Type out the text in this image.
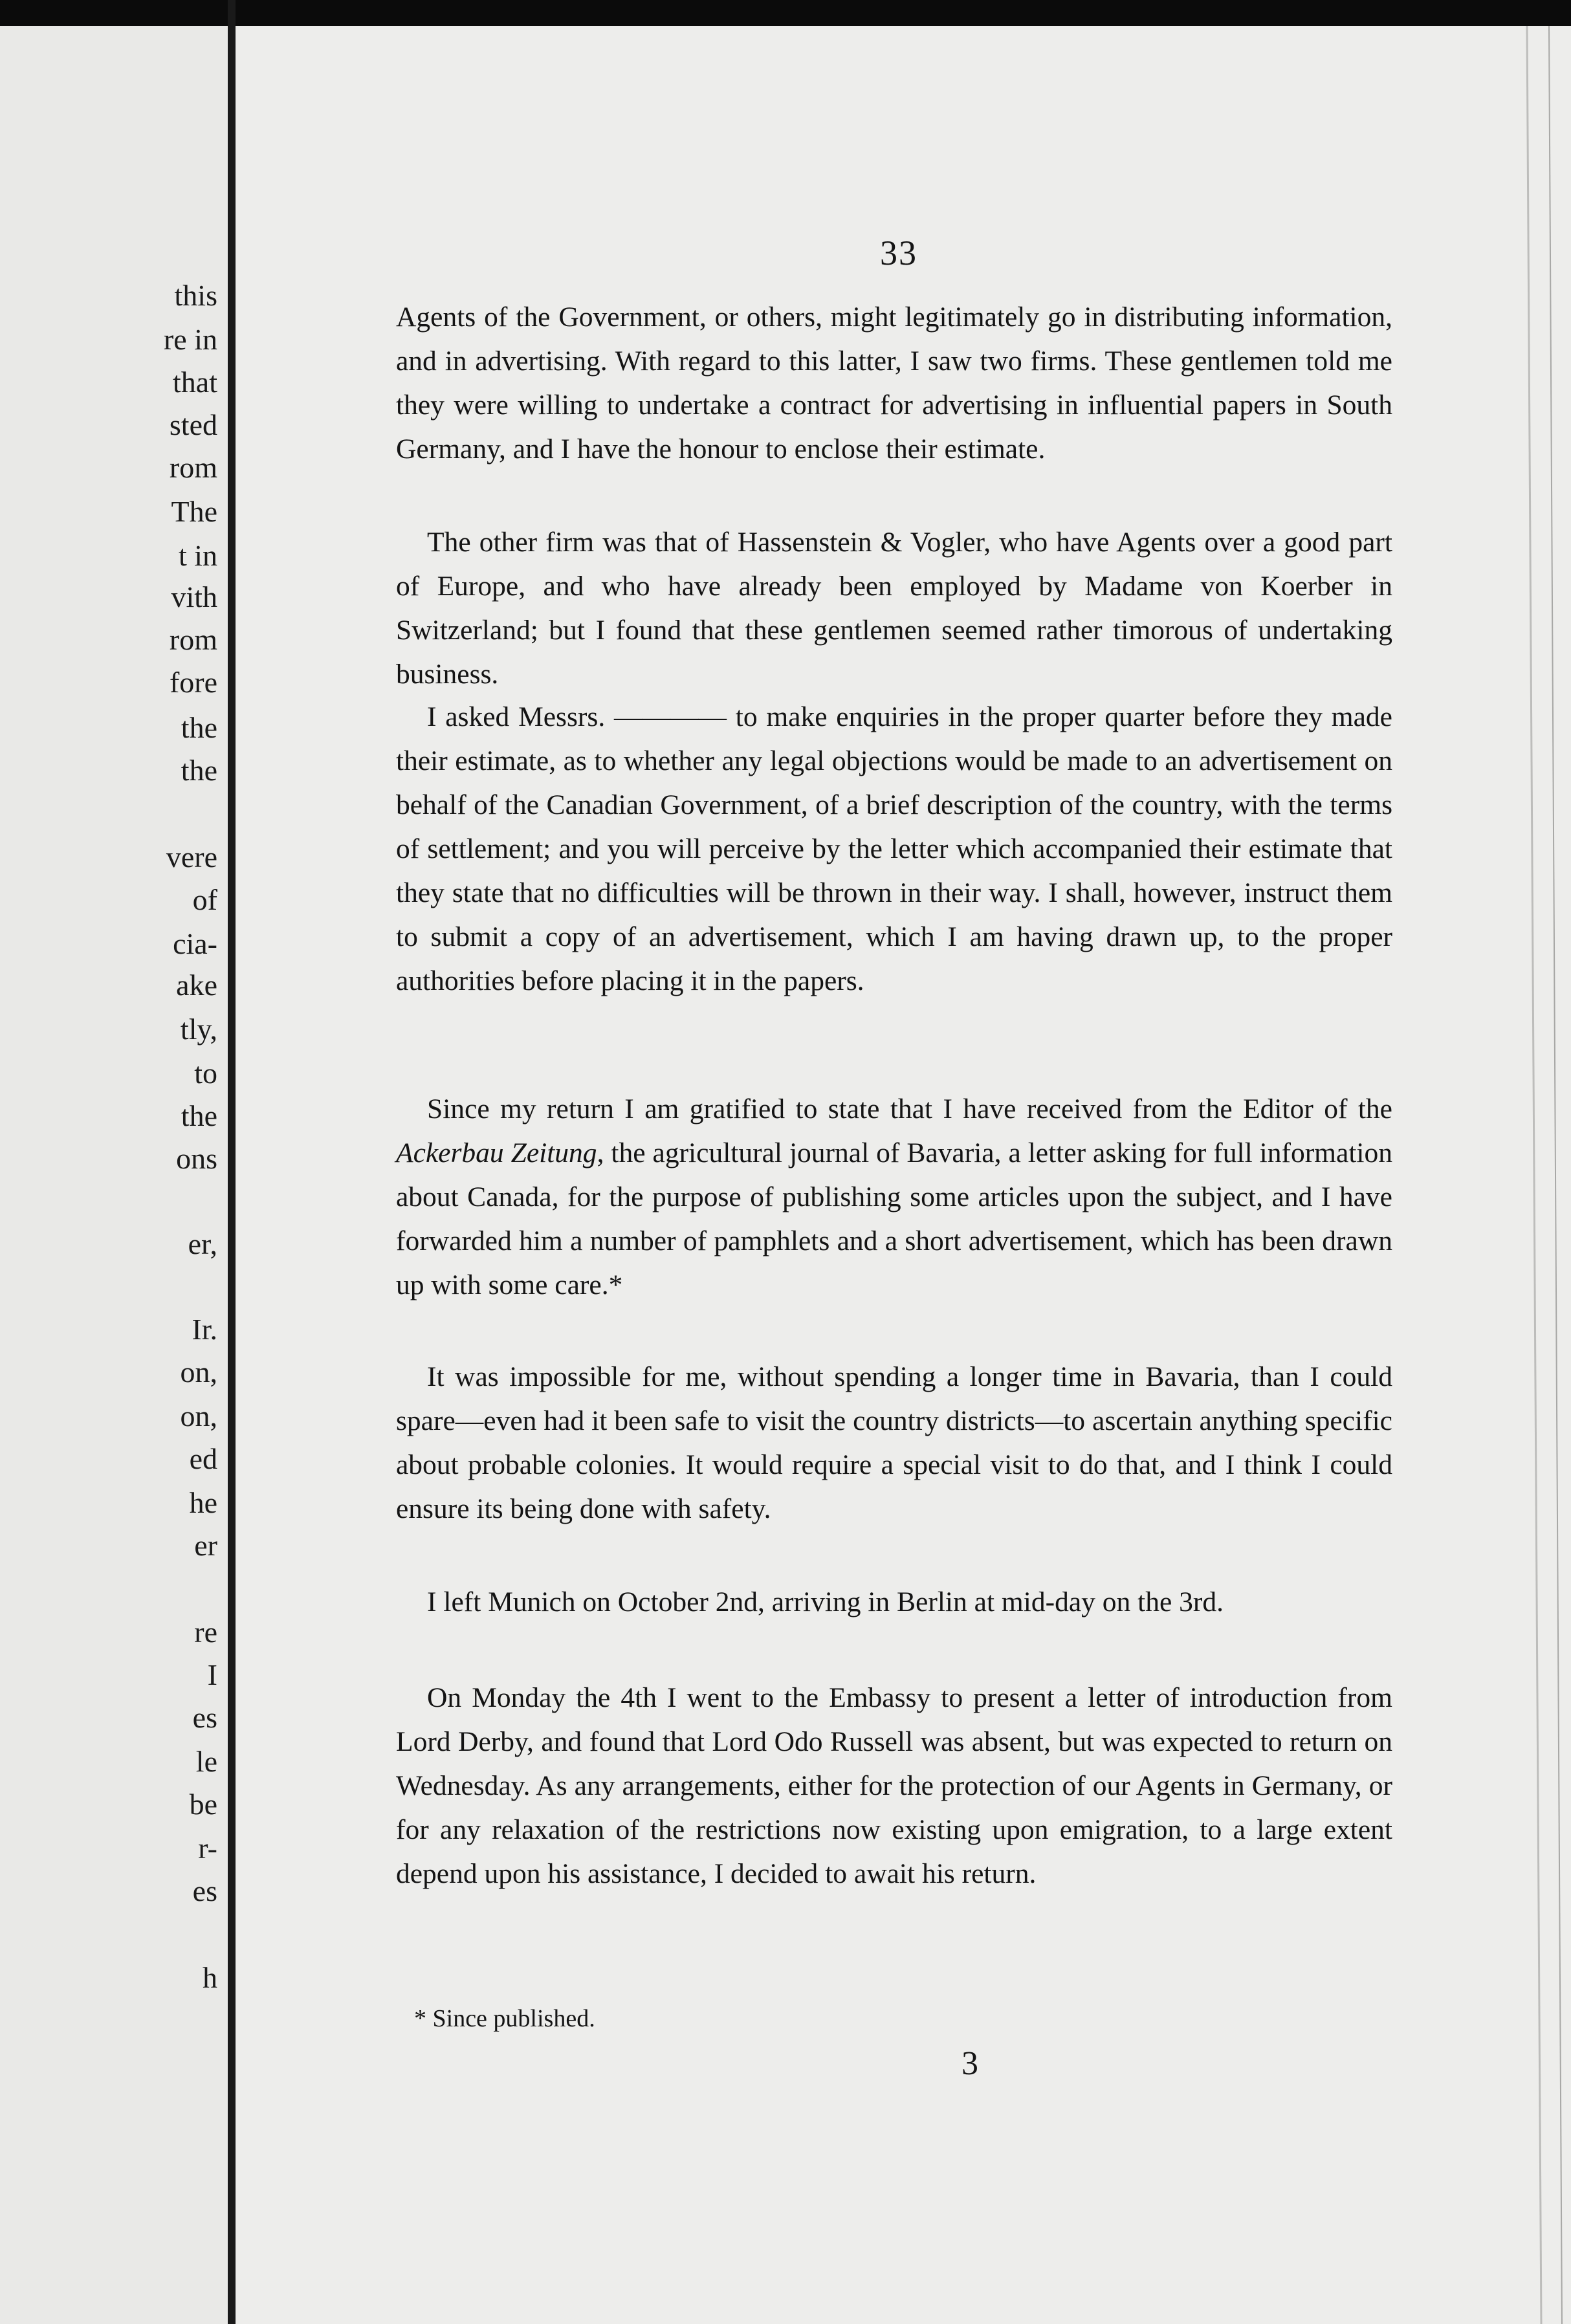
this
re in
that
sted
rom
The
t in
vith
rom
fore
the
the
vere
of
cia-
ake
tly,
to
the
ons
er,
Ir.
on,
on,
ed
he
er
re
I
es
le
be
r-
es
h
33

Agents of the Government, or others, might legitimately go in distributing information, and in advertising. With regard to this latter, I saw two firms. These gentlemen told me they were willing to undertake a contract for advertising in influential papers in South Germany, and I have the honour to enclose their estimate.

The other firm was that of Hassenstein & Vogler, who have Agents over a good part of Europe, and who have already been employed by Madame von Koerber in Switzerland; but I found that these gentlemen seemed rather timorous of undertaking business.

I asked Messrs. ———— to make enquiries in the proper quarter before they made their estimate, as to whether any legal objections would be made to an advertisement on behalf of the Canadian Government, of a brief description of the country, with the terms of settlement; and you will perceive by the letter which accompanied their estimate that they state that no difficulties will be thrown in their way. I shall, however, instruct them to submit a copy of an advertisement, which I am having drawn up, to the proper authorities before placing it in the papers.

Since my return I am gratified to state that I have received from the Editor of the Ackerbau Zeitung, the agricultural journal of Bavaria, a letter asking for full information about Canada, for the purpose of publishing some articles upon the subject, and I have forwarded him a number of pamphlets and a short advertisement, which has been drawn up with some care.*

It was impossible for me, without spending a longer time in Bavaria, than I could spare—even had it been safe to visit the country districts—to ascertain anything specific about probable colonies. It would require a special visit to do that, and I think I could ensure its being done with safety.

I left Munich on October 2nd, arriving in Berlin at mid-day on the 3rd.

On Monday the 4th I went to the Embassy to present a letter of introduction from Lord Derby, and found that Lord Odo Russell was absent, but was expected to return on Wednesday. As any arrangements, either for the protection of our Agents in Germany, or for any relaxation of the restrictions now existing upon emigration, to a large extent depend upon his assistance, I decided to await his return.

* Since published.
3
